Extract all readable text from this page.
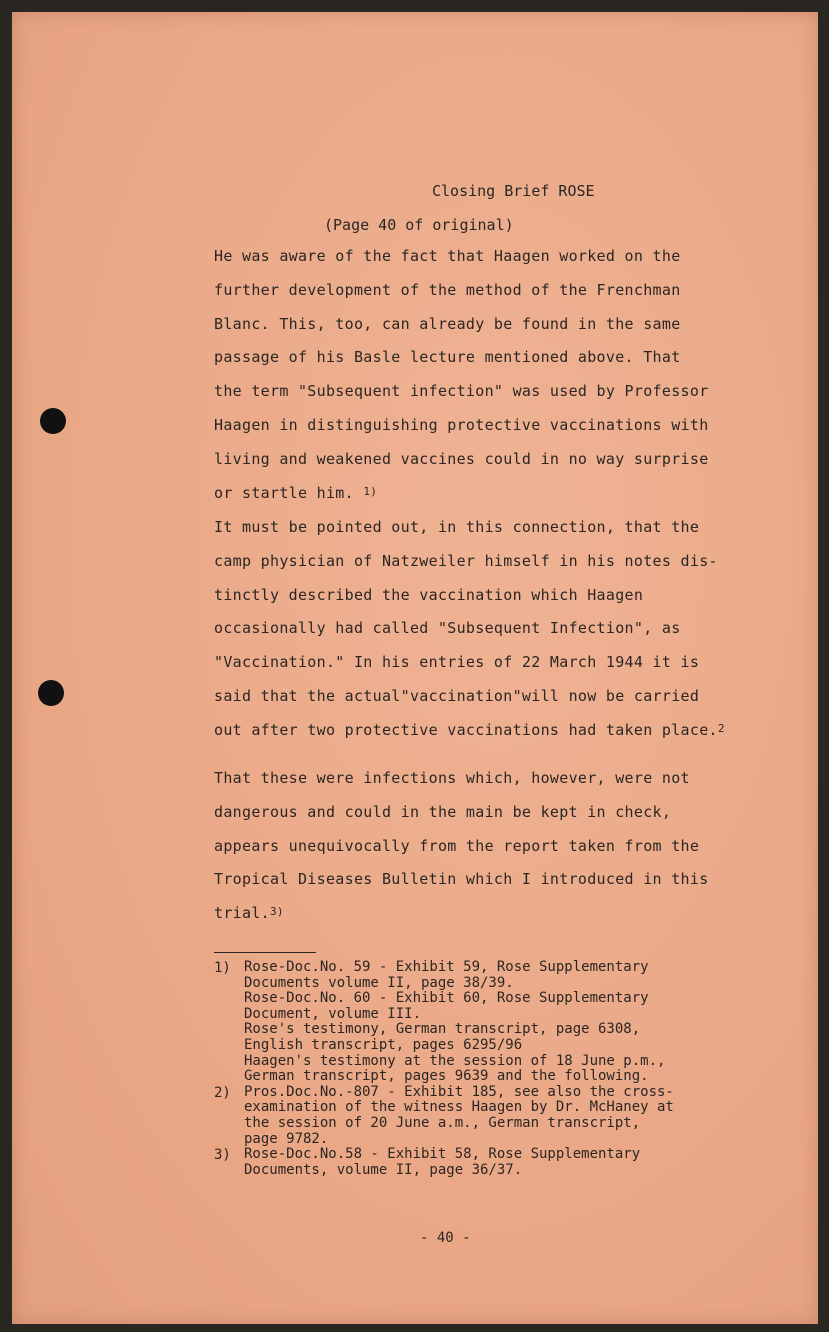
Closing Brief ROSE
(Page 40 of original)
He was aware of the fact that Haagen worked on the
further development of the method of the Frenchman
Blanc. This, too, can already be found in the same
passage of his Basle lecture mentioned above. That
the term "Subsequent infection" was used by Professor
Haagen in distinguishing protective vaccinations with
living and weakened vaccines could in no way surprise
or startle him. $^{1)}$
It must be pointed out, in this connection, that the
camp physician of Natzweiler himself in his notes dis-
tinctly described the vaccination which Haagen
occasionally had called "Subsequent Infection", as
"Vaccination." In his entries of 22 March 1944 it is
said that the actual"vaccination"will now be carried
out after two protective vaccinations had taken place.$^2$
That these were infections which, however, were not
dangerous and could in the main be kept in check,
appears unequivocally from the report taken from the
Tropical Diseases Bulletin which I introduced in this
trial.$^{3)}$
1) Rose-Doc.No. 59 - Exhibit 59, Rose Supplementary
Documents volume II, page 38/39.
Rose-Doc.No. 60 - Exhibit 60, Rose Supplementary
Document, volume III.
Rose's testimony, German transcript, page 6308,
English transcript, pages 6295/96
Haagen's testimony at the session of 18 June p.m.,
German transcript, pages 9639 and the following.
2) Pros.Doc.No.-807 - Exhibit 185, see also the cross-
examination of the witness Haagen by Dr. McHaney at
the session of 20 June a.m., German transcript,
page 9782.
3) Rose-Doc.No.58 - Exhibit 58, Rose Supplementary
Documents, volume II, page 36/37.
- 40 -
